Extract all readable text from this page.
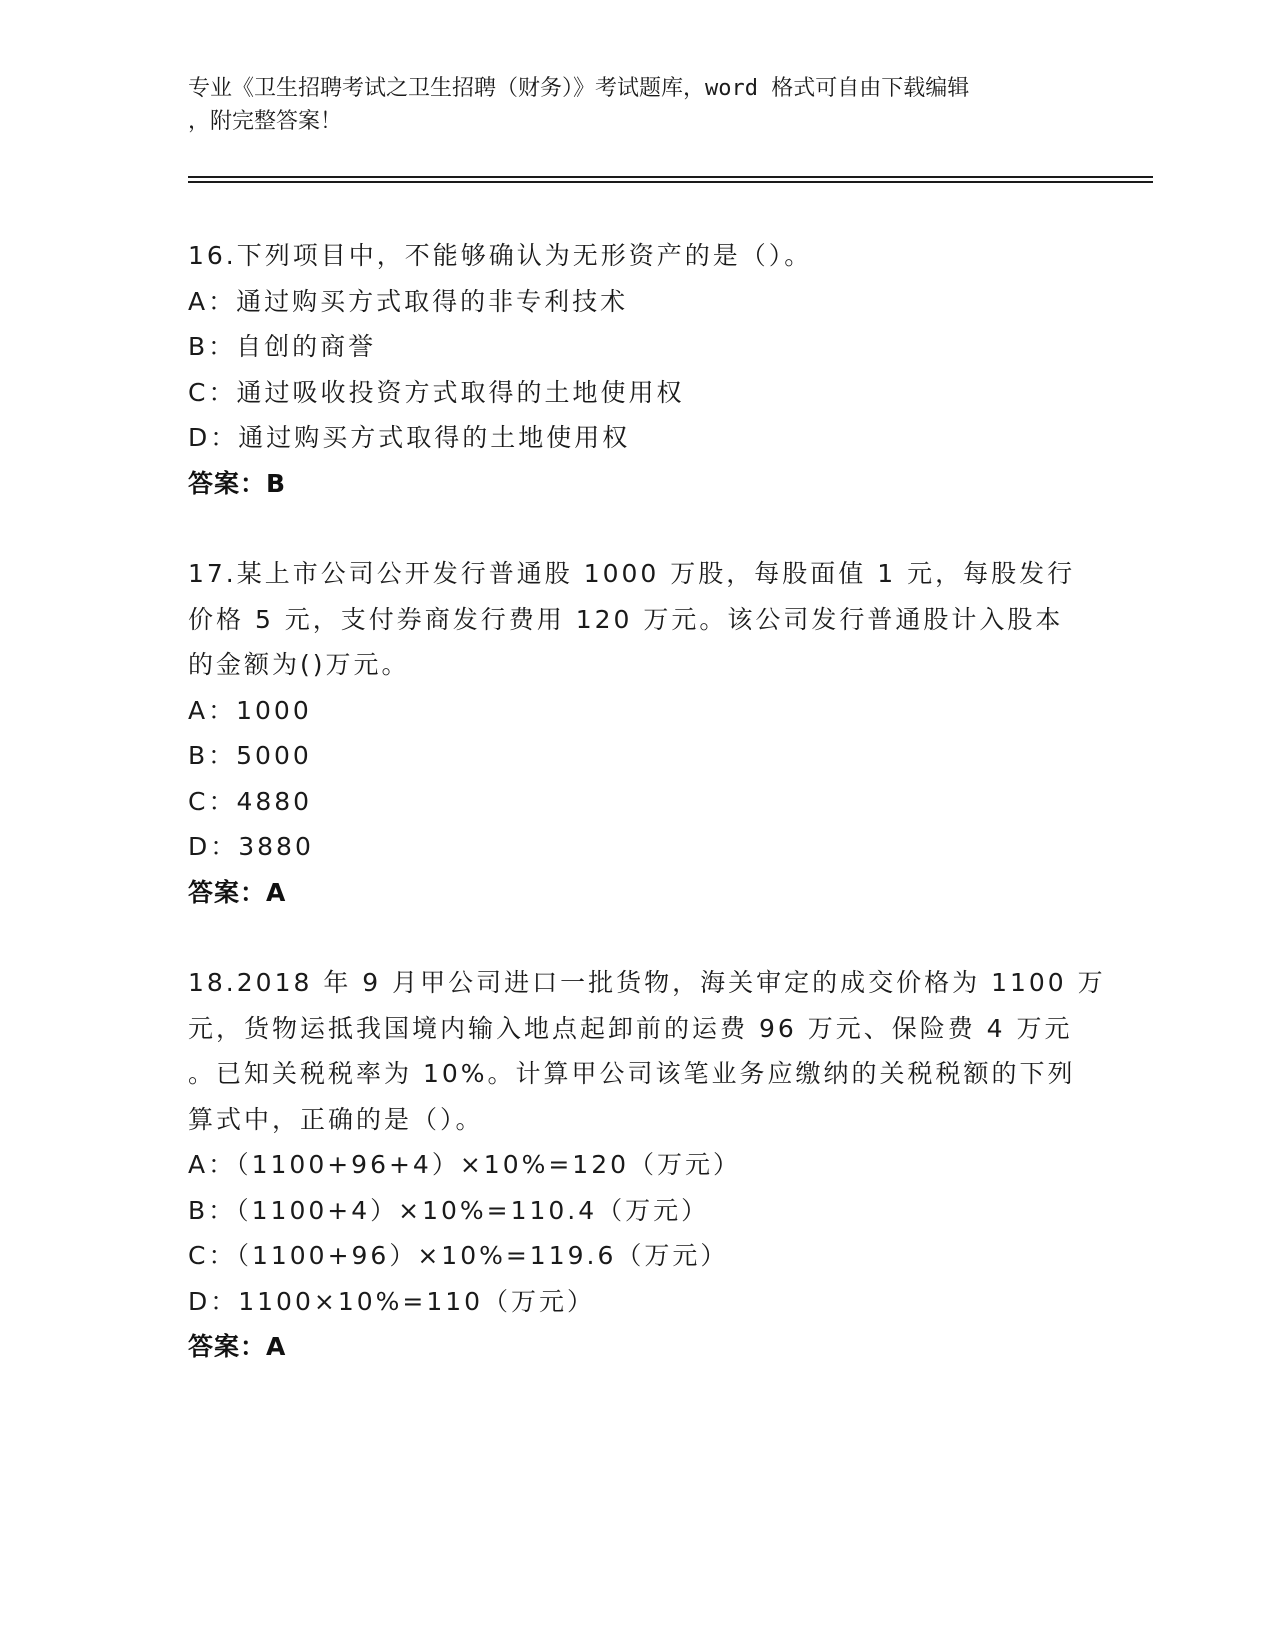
专业《卫生招聘考试之卫生招聘（财务）》考试题库，word 格式可自由下载编辑
，附完整答案！
16.下列项目中，不能够确认为无形资产的是（）。
A：通过购买方式取得的非专利技术
B：自创的商誉
C：通过吸收投资方式取得的土地使用权
D：通过购买方式取得的土地使用权
答案：B
17.某上市公司公开发行普通股 1000 万股，每股面值 1 元，每股发行
价格 5 元，支付券商发行费用 120 万元。该公司发行普通股计入股本
的金额为()万元。
A：1000
B：5000
C：4880
D：3880
答案：A
18.2018 年 9 月甲公司进口一批货物，海关审定的成交价格为 1100 万
元，货物运抵我国境内输入地点起卸前的运费 96 万元、保险费 4 万元
。已知关税税率为 10%。计算甲公司该笔业务应缴纳的关税税额的下列
算式中，正确的是（）。
A：（1100+96+4）×10%=120（万元）
B：（1100+4）×10%=110.4（万元）
C：（1100+96）×10%=119.6（万元）
D：1100×10%=110（万元）
答案：A
